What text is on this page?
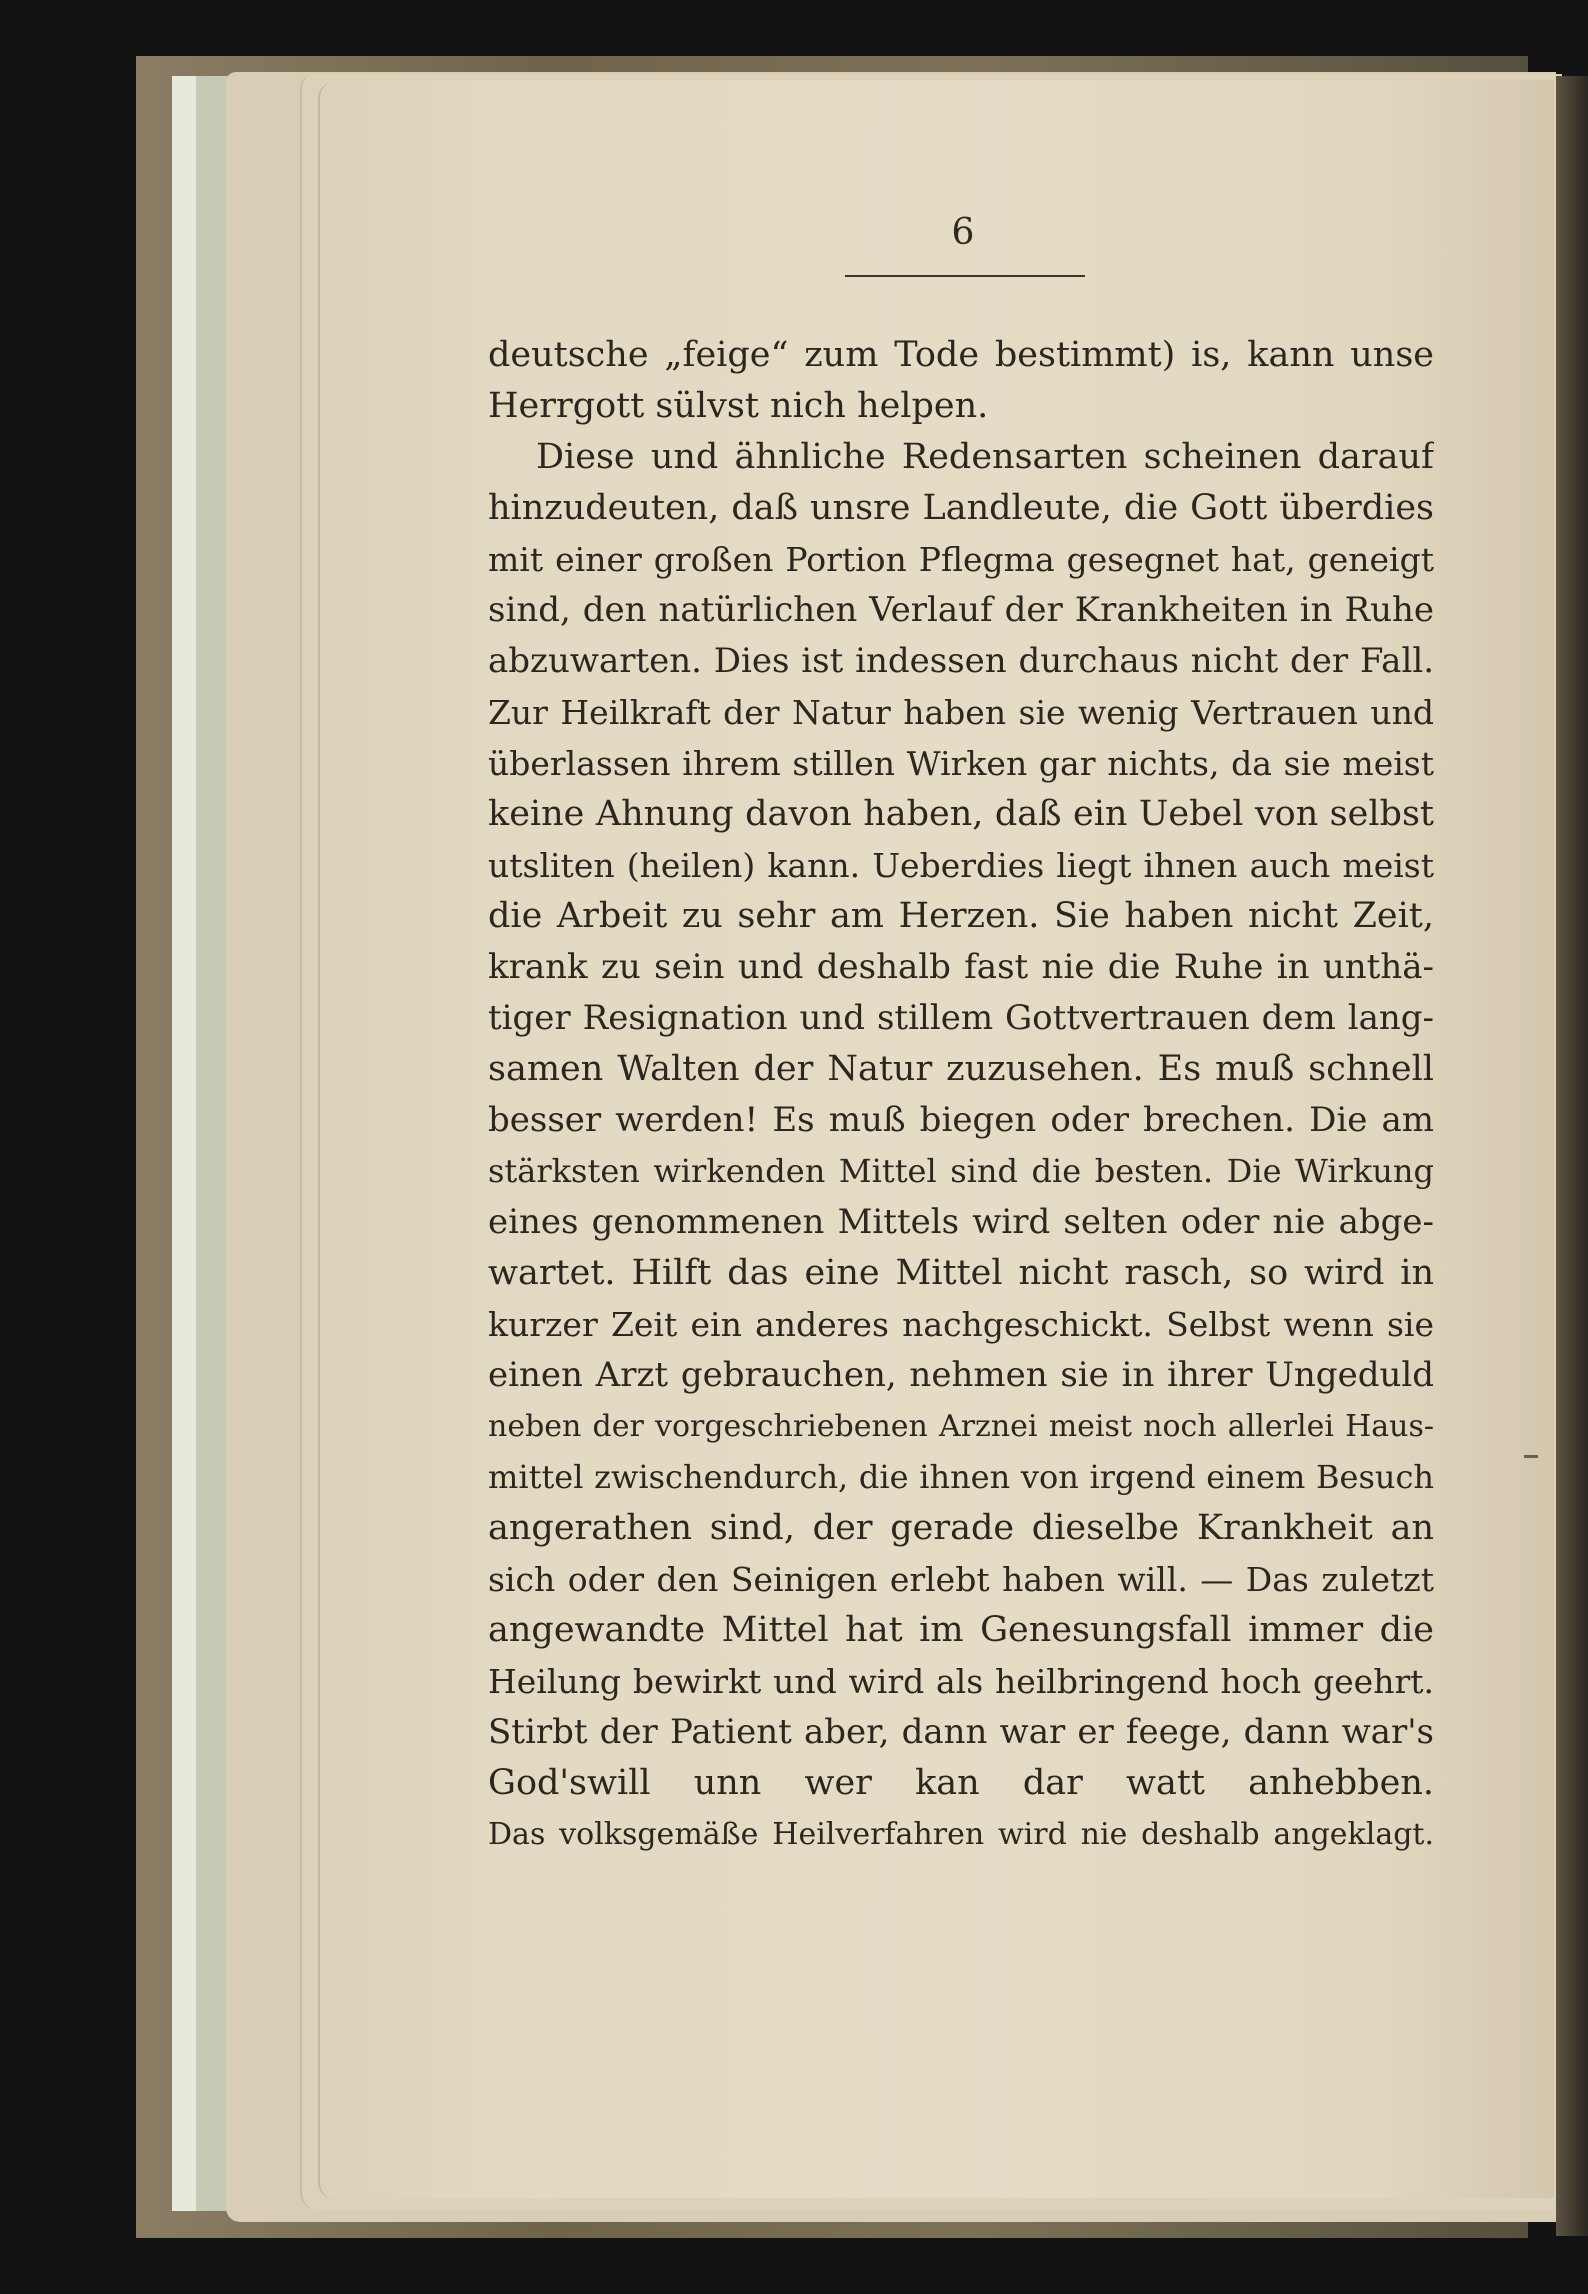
6
deutsche „feige“ zum Tode bestimmt) is, kann unse
Herrgott sülvst nich helpen.
Diese und ähnliche Redensarten scheinen darauf
hinzudeuten, daß unsre Landleute, die Gott überdies
mit einer großen Portion Pflegma gesegnet hat, geneigt
sind, den natürlichen Verlauf der Krankheiten in Ruhe
abzuwarten. Dies ist indessen durchaus nicht der Fall.
Zur Heilkraft der Natur haben sie wenig Vertrauen und
überlassen ihrem stillen Wirken gar nichts, da sie meist
keine Ahnung davon haben, daß ein Uebel von selbst
utsliten (heilen) kann. Ueberdies liegt ihnen auch meist
die Arbeit zu sehr am Herzen. Sie haben nicht Zeit,
krank zu sein und deshalb fast nie die Ruhe in unthä-
tiger Resignation und stillem Gottvertrauen dem lang-
samen Walten der Natur zuzusehen. Es muß schnell
besser werden! Es muß biegen oder brechen. Die am
stärksten wirkenden Mittel sind die besten. Die Wirkung
eines genommenen Mittels wird selten oder nie abge-
wartet. Hilft das eine Mittel nicht rasch, so wird in
kurzer Zeit ein anderes nachgeschickt. Selbst wenn sie
einen Arzt gebrauchen, nehmen sie in ihrer Ungeduld
neben der vorgeschriebenen Arznei meist noch allerlei Haus-
mittel zwischendurch, die ihnen von irgend einem Besuch
angerathen sind, der gerade dieselbe Krankheit an
sich oder den Seinigen erlebt haben will. — Das zuletzt
angewandte Mittel hat im Genesungsfall immer die
Heilung bewirkt und wird als heilbringend hoch geehrt.
Stirbt der Patient aber, dann war er feege, dann war's
God'swill unn wer kan dar watt anhebben.
Das volksgemäße Heilverfahren wird nie deshalb angeklagt.
